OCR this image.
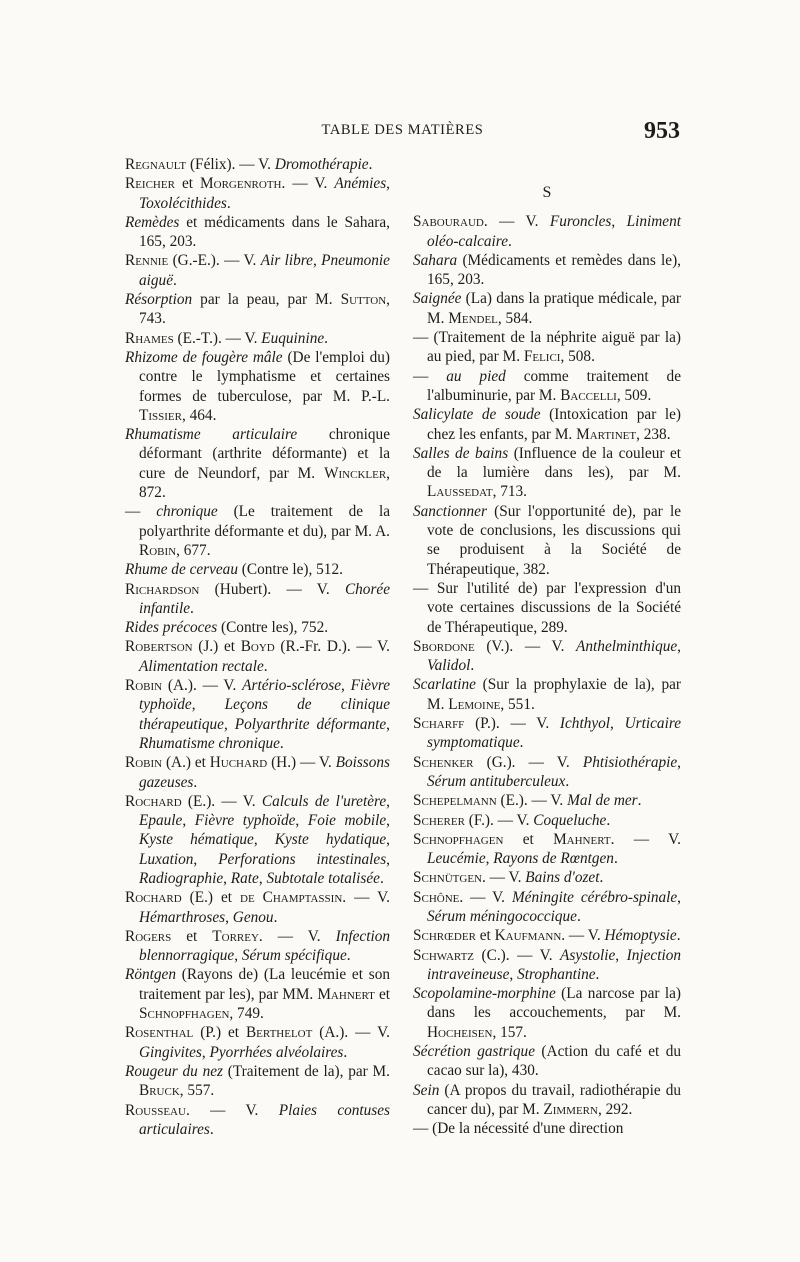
TABLE DES MATIÈRES	953
Regnault (Félix). — V. Dromothérapie.
Reicher et Morgenroth. — V. Anémies, Toxolécithides.
Remèdes et médicaments dans le Sahara, 165, 203.
Rennie (G.-E.). — V. Air libre, Pneumonie aiguë.
Résorption par la peau, par M. Sutton, 743.
Rhames (E.-T.). — V. Euquinine.
Rhizome de fougère mâle (De l'emploi du) contre le lymphatisme et certaines formes de tuberculose, par M. P.-L. Tissier, 464.
Rhumatisme articulaire chronique déformant (arthrite déformante) et la cure de Neundorf, par M. Winckler, 872.
— chronique (Le traitement de la polyarthrite déformante et du), par M. A. Robin, 677.
Rhume de cerveau (Contre le), 512.
Richardson (Hubert). — V. Chorée infantile.
Rides précoces (Contre les), 752.
Robertson (J.) et Boyd (R.-Fr. D.). — V. Alimentation rectale.
Robin (A.). — V. Artério-sclérose, Fièvre typhoïde, Leçons de clinique thérapeutique, Polyarthrite déformante, Rhumatisme chronique.
Robin (A.) et Huchard (H.) — V. Boissons gazeuses.
Rochard (E.). — V. Calculs de l'uretère, Epaule, Fièvre typhoïde, Foie mobile, Kyste hématique, Kyste hydatique, Luxation, Perforations intestinales, Radiographie, Rate, Subtotale totalisée.
Rochard (E.) et de Champtassin. — V. Hémarthroses, Genou.
Rogers et Torrey. — V. Infection blennorragique, Sérum spécifique.
Röntgen (Rayons de) (La leucémie et son traitement par les), par MM. Mahnert et Schnopfhagen, 749.
Rosenthal (P.) et Berthelot (A.). — V. Gingivites, Pyorrhées alvéolaires.
Rougeur du nez (Traitement de la), par M. Bruck, 557.
Rousseau. — V. Plaies contuses articulaires.
S
Sabouraud. — V. Furoncles, Liniment oléo-calcaire.
Sahara (Médicaments et remèdes dans le), 165, 203.
Saignée (La) dans la pratique médicale, par M. Mendel, 584.
— (Traitement de la néphrite aiguë par la) au pied, par M. Felici, 508.
— au pied comme traitement de l'albuminurie, par M. Baccelli, 509.
Salicylate de soude (Intoxication par le) chez les enfants, par M. Martinet, 238.
Salles de bains (Influence de la couleur et de la lumière dans les), par M. Laussedat, 713.
Sanctionner (Sur l'opportunité de), par le vote de conclusions, les discussions qui se produisent à la Société de Thérapeutique, 382.
— Sur l'utilité de) par l'expression d'un vote certaines discussions de la Société de Thérapeutique, 289.
Sbordone (V.). — V. Anthelminthique, Validol.
Scarlatine (Sur la prophylaxie de la), par M. Lemoine, 551.
Scharff (P.). — V. Ichthyol, Urticaire symptomatique.
Schenker (G.). — V. Phtisiothérapie, Sérum antituberculeux.
Schepelmann (E.). — V. Mal de mer.
Scherer (F.). — V. Coqueluche.
Schnopfhagen et Mahnert. — V. Leucémie, Rayons de Rœntgen.
Schnütgen. — V. Bains d'ozet.
Schône. — V. Méningite cérébro-spinale, Sérum méningococcique.
Schrœder et Kaufmann. — V. Hémoptysie.
Schwartz (C.). — V. Asystolie, Injection intraveineuse, Strophantine.
Scopolamine-morphine (La narcose par la) dans les accouchements, par M. Hocheisen, 157.
Sécrétion gastrique (Action du café et du cacao sur la), 430.
Sein (A propos du travail, radiothérapie du cancer du), par M. Zimmern, 292.
— (De la nécessité d'une direction
